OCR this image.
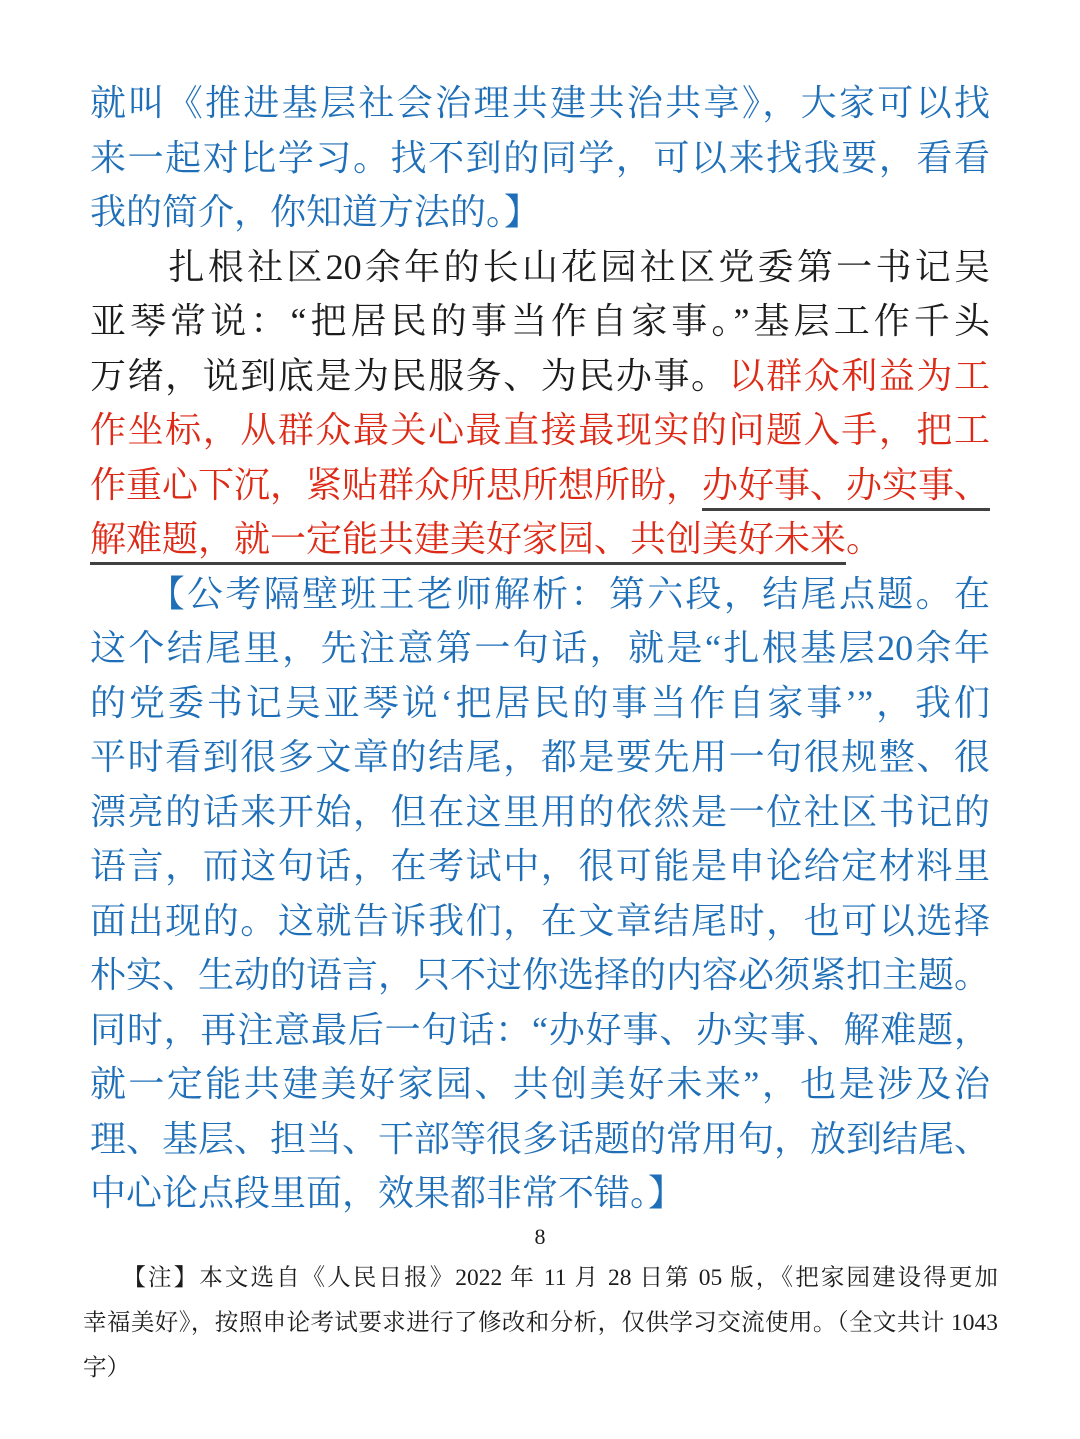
就叫《推进基层社会治理共建共治共享》，大家可以找
来一起对比学习。找不到的同学，可以来找我要，看看
我的简介，你知道方法的。】
　　扎根社区20余年的长山花园社区党委第一书记吴
亚琴常说：“把居民的事当作自家事。”基层工作千头
万绪，说到底是为民服务、为民办事。以群众利益为工
作坐标，从群众最关心最直接最现实的问题入手，把工
作重心下沉，紧贴群众所思所想所盼，办好事、办实事、
解难题，就一定能共建美好家园、共创美好未来。
　　【公考隔壁班王老师解析：第六段，结尾点题。在
这个结尾里，先注意第一句话，就是“扎根基层20余年
的党委书记吴亚琴说‘把居民的事当作自家事’”，我们
平时看到很多文章的结尾，都是要先用一句很规整、很
漂亮的话来开始，但在这里用的依然是一位社区书记的
语言，而这句话，在考试中，很可能是申论给定材料里
面出现的。这就告诉我们，在文章结尾时，也可以选择
朴实、生动的语言，只不过你选择的内容必须紧扣主题。
同时，再注意最后一句话：“办好事、办实事、解难题，
就一定能共建美好家园、共创美好未来”，也是涉及治
理、基层、担当、干部等很多话题的常用句，放到结尾、
中心论点段里面，效果都非常不错。】
8
　　【注】本文选自《人民日报》2022 年 11 月 28 日第 05 版，《把家园建设得更加
幸福美好》，按照申论考试要求进行了修改和分析，仅供学习交流使用。（全文共计 1043
字）
